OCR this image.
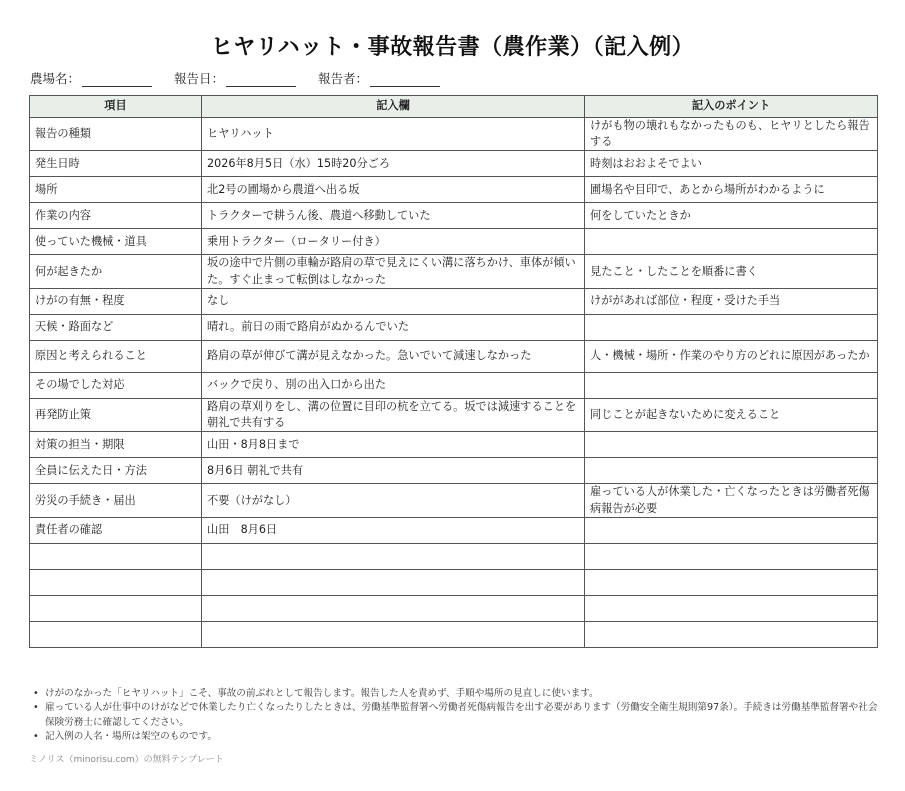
ヒヤリハット・事故報告書（農作業）（記入例）
農場名：	報告日：	報告者：
項目	記入欄	記入のポイント
報告の種類	ヒヤリハット	けがも物の壊れもなかったものも、ヒヤリとしたら報告する
発生日時	2026年8月5日（水）15時20分ごろ	時刻はおおよそでよい
場所	北2号の圃場から農道へ出る坂	圃場名や目印で、あとから場所がわかるように
作業の内容	トラクターで耕うん後、農道へ移動していた	何をしていたときか
使っていた機械・道具	乗用トラクター（ロータリー付き）	
何が起きたか	坂の途中で片側の車輪が路肩の草で見えにくい溝に落ちかけ、車体が傾いた。すぐ止まって転倒はしなかった	見たこと・したことを順番に書く
けがの有無・程度	なし	けががあれば部位・程度・受けた手当
天候・路面など	晴れ。前日の雨で路肩がぬかるんでいた	
原因と考えられること	路肩の草が伸びて溝が見えなかった。急いでいて減速しなかった	人・機械・場所・作業のやり方のどれに原因があったか
その場でした対応	バックで戻り、別の出入口から出た	
再発防止策	路肩の草刈りをし、溝の位置に目印の杭を立てる。坂では減速することを朝礼で共有する	同じことが起きないために変えること
対策の担当・期限	山田・8月8日まで	
全員に伝えた日・方法	8月6日 朝礼で共有	
労災の手続き・届出	不要（けがなし）	雇っている人が休業した・亡くなったときは労働者死傷病報告が必要
責任者の確認	山田　8月6日	

• けがのなかった「ヒヤリハット」こそ、事故の前ぶれとして報告します。報告した人を責めず、手順や場所の見直しに使います。
• 雇っている人が仕事中のけがなどで休業したり亡くなったりしたときは、労働基準監督署へ労働者死傷病報告を出す必要があります（労働安全衛生規則第97条）。手続きは労働基準監督署や社会保険労務士に確認してください。
• 記入例の人名・場所は架空のものです。
ミノリス（minorisu.com）の無料テンプレート
